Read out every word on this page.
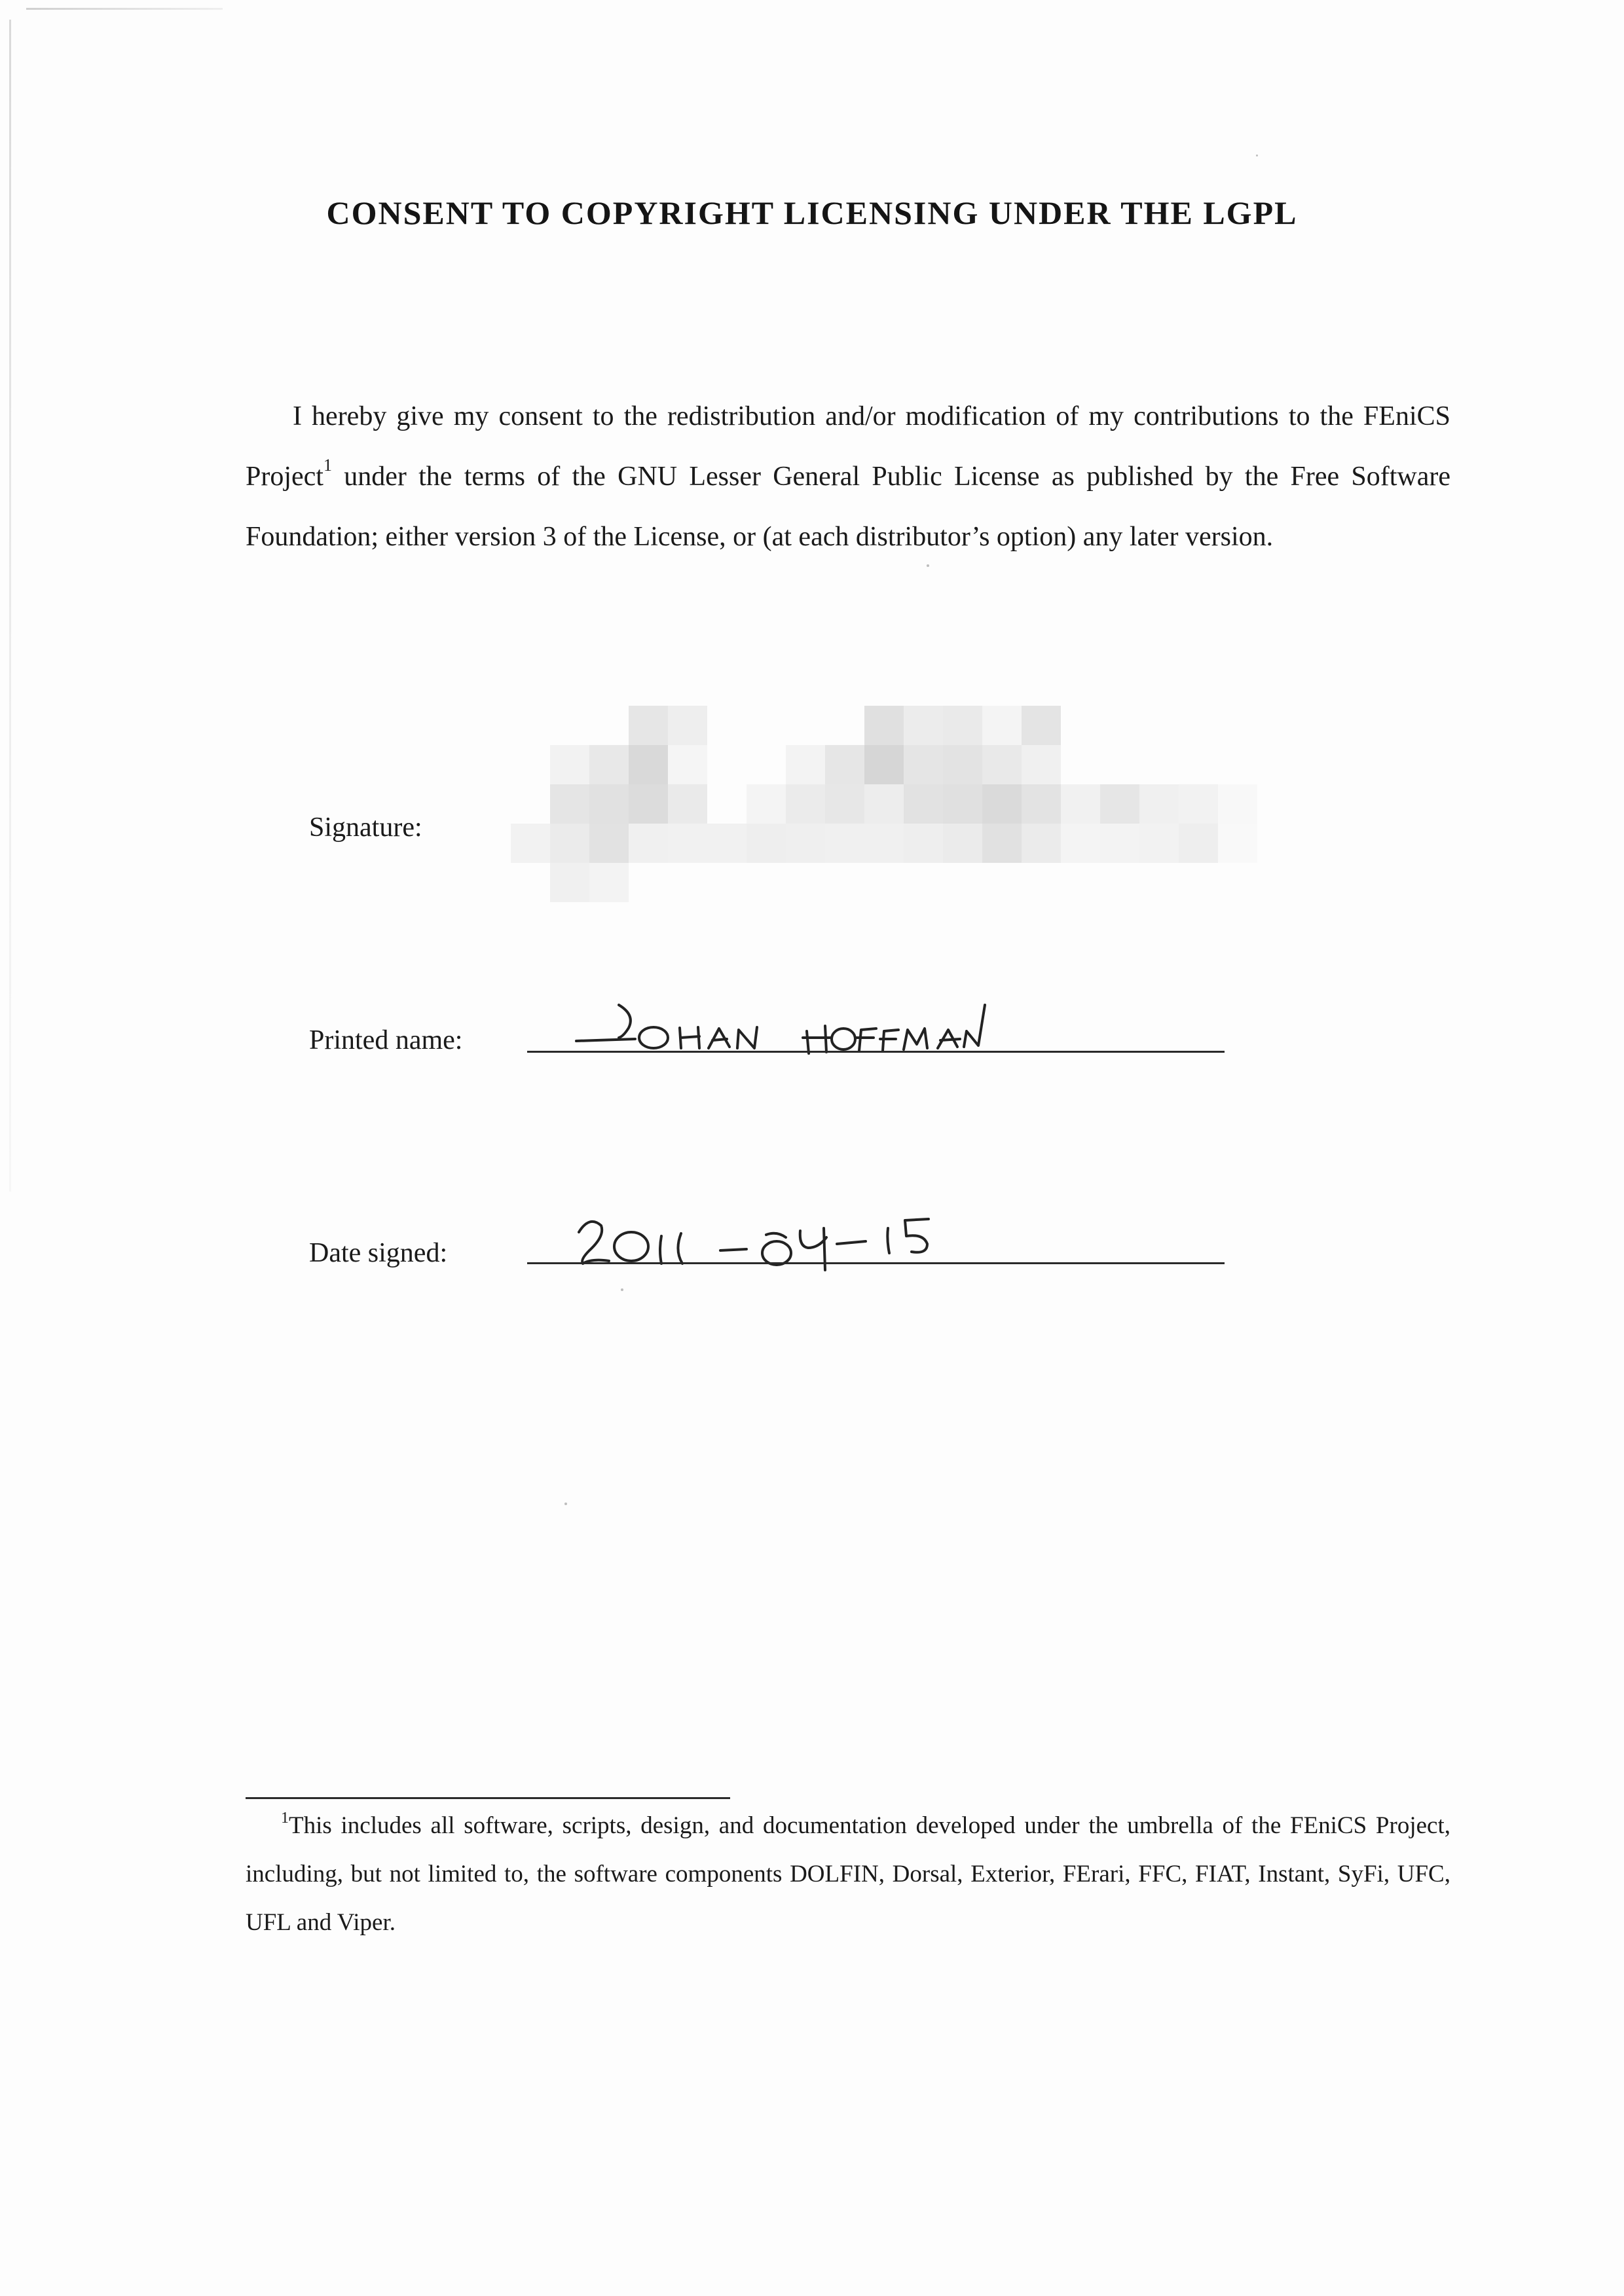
CONSENT TO COPYRIGHT LICENSING UNDER THE LGPL
I hereby give my consent to the redistribution and/or modification of my contributions to the FEniCS Project$^1$ under the terms of the GNU Lesser General Public License as published by the Free Software Foundation; either version 3 of the License, or (at each distributor’s option) any later version.
Signature:
Printed name:
Date signed:
$^1$This includes all software, scripts, design, and documentation developed under the umbrella of the FEniCS Project, including, but not limited to, the software components DOLFIN, Dorsal, Exterior, FErari, FFC, FIAT, Instant, SyFi, UFC, UFL and Viper.
